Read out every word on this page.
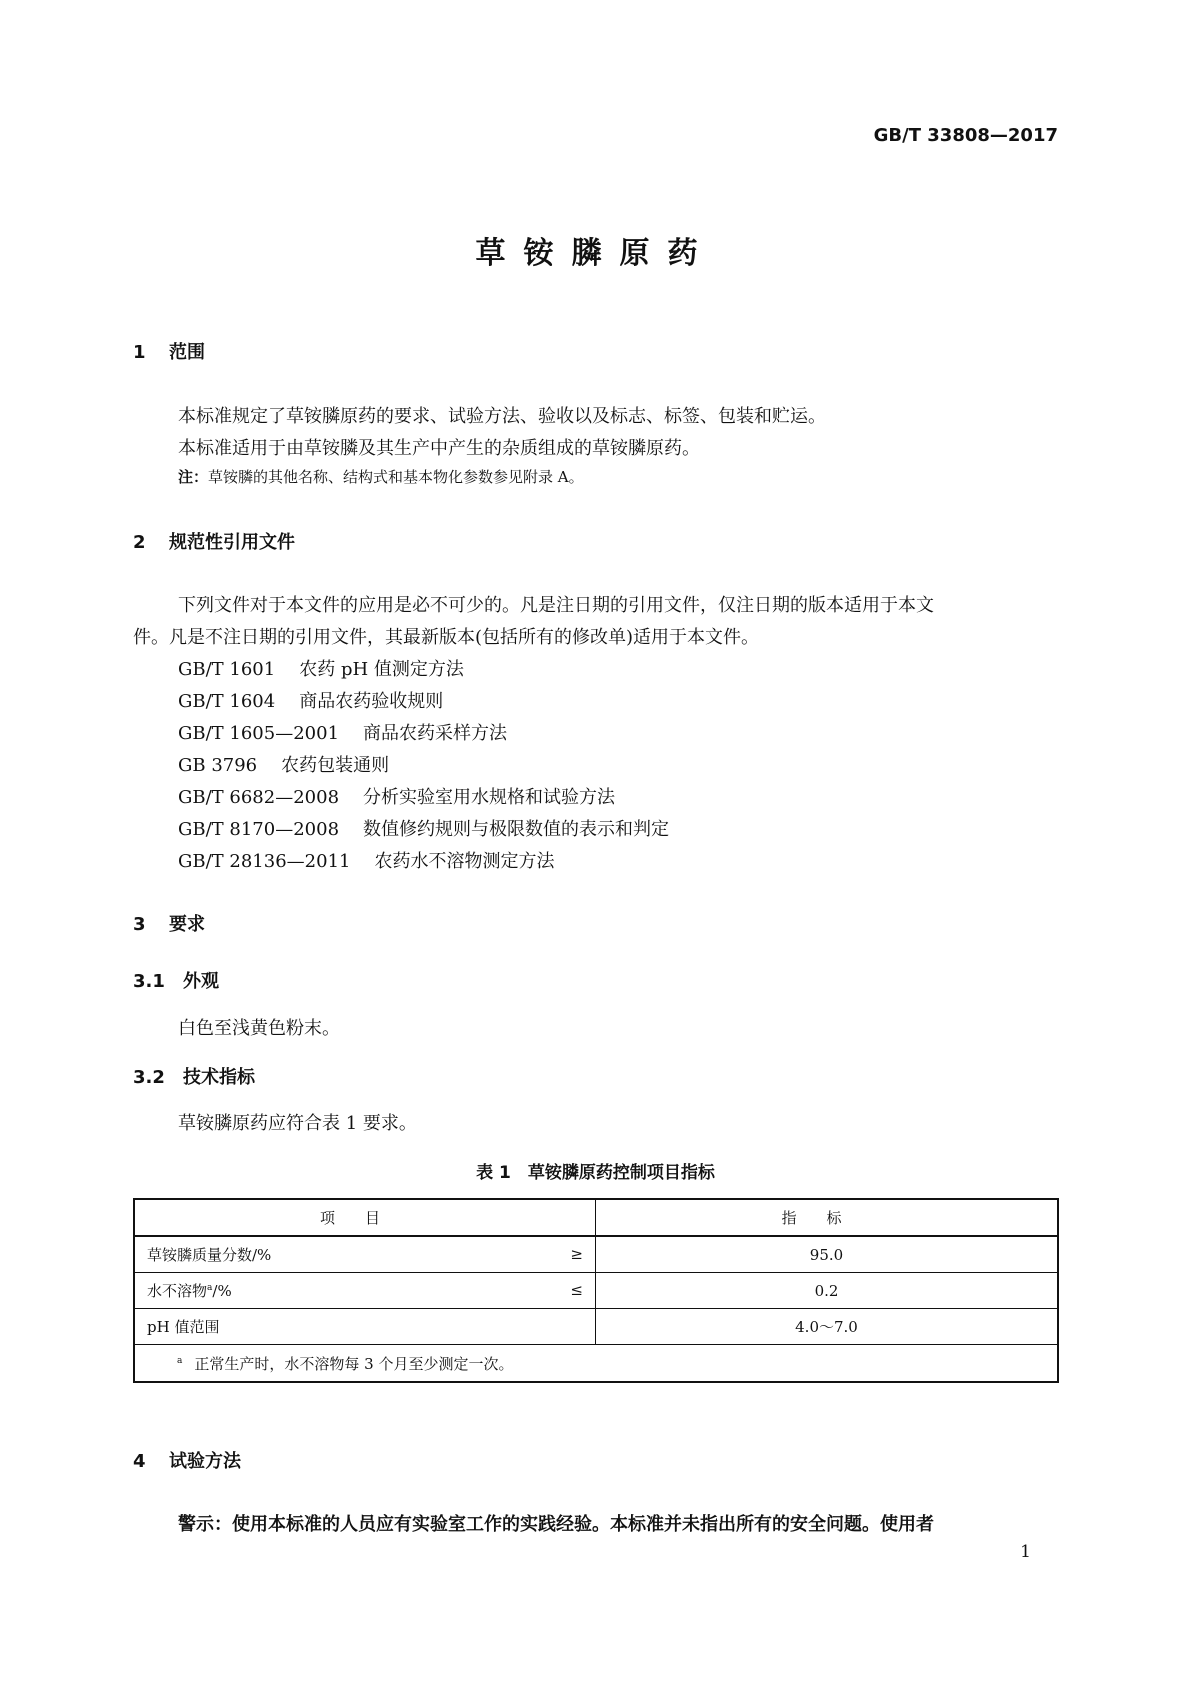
GB/T 33808—2017
草铵膦原药
1 范围
本标准规定了草铵膦原药的要求、试验方法、验收以及标志、标签、包装和贮运。
本标准适用于由草铵膦及其生产中产生的杂质组成的草铵膦原药。
注：草铵膦的其他名称、结构式和基本物化参数参见附录 A。
2 规范性引用文件
下列文件对于本文件的应用是必不可少的。凡是注日期的引用文件，仅注日期的版本适用于本文
件。凡是不注日期的引用文件，其最新版本(包括所有的修改单)适用于本文件。
GB/T 1601 农药 pH 值测定方法
GB/T 1604 商品农药验收规则
GB/T 1605—2001 商品农药采样方法
GB 3796 农药包装通则
GB/T 6682—2008 分析实验室用水规格和试验方法
GB/T 8170—2008 数值修约规则与极限数值的表示和判定
GB/T 28136—2011 农药水不溶物测定方法
3 要求
3.1 外观
白色至浅黄色粉末。
3.2 技术指标
草铵膦原药应符合表 1 要求。
表 1　草铵膦原药控制项目指标
项目	指标
草铵膦质量分数/% ≥	95.0
水不溶物$^a$/% ≤	0.2
pH 值范围	4.0～7.0
$^a$ 正常生产时，水不溶物每 3 个月至少测定一次。	
4 试验方法
警示：使用本标准的人员应有实验室工作的实践经验。本标准并未指出所有的安全问题。使用者
1
